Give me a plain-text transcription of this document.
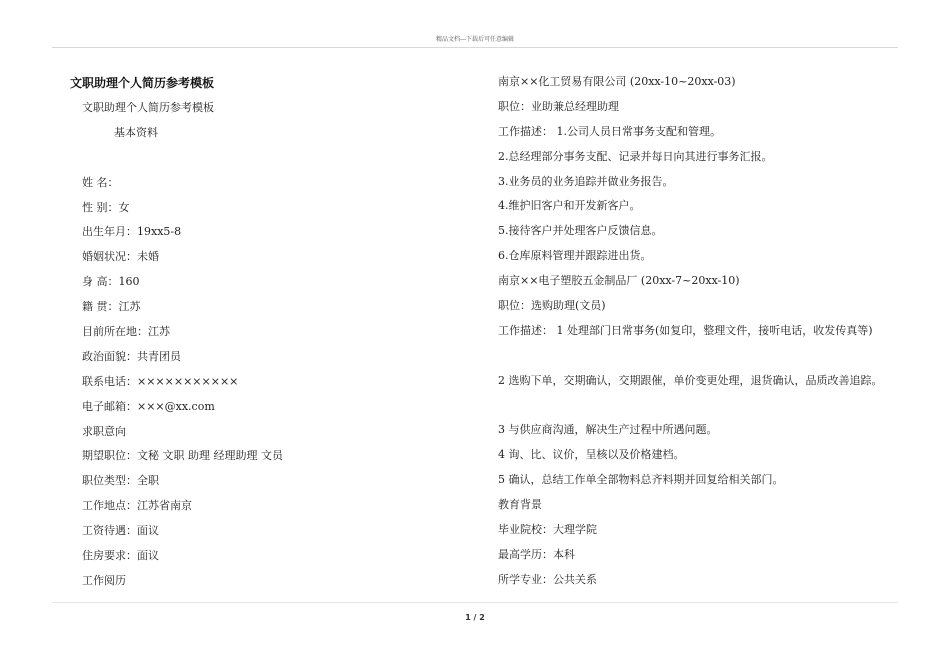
精品文档---下载后可任意编辑
文职助理个人简历参考模板
文职助理个人简历参考模板
基本资料
姓 名：
性 别：女
出生年月：19xx5-8
婚姻状况：未婚
身 高：160
籍 贯：江苏
目前所在地：江苏
政治面貌：共青团员
联系电话：×××××××××××
电子邮箱：×××@xx.com
求职意向
期望职位：文秘 文职 助理 经理助理 文员
职位类型：全职
工作地点：江苏省南京
工资待遇：面议
住房要求：面议
工作阅历
南京××化工贸易有限公司 (20xx-10~20xx-03)
职位：业助兼总经理助理
工作描述： 1.公司人员日常事务支配和管理。
2.总经理部分事务支配、记录并每日向其进行事务汇报。
3.业务员的业务追踪并做业务报告。
4.维护旧客户和开发新客户。
5.接待客户并处理客户反馈信息。
6.仓库原料管理并跟踪进出货。
南京××电子塑胶五金制品厂 (20xx-7~20xx-10)
职位：选购助理(文员)
工作描述： 1 处理部门日常事务(如复印，整理文件，接听电话，收发传真等)
2 选购下单，交期确认，交期跟催，单价变更处理，退货确认，品质改善追踪。
3 与供应商沟通，解决生产过程中所遇问题。
4 询、比、议价，呈核以及价格建档。
5 确认，总结工作单全部物料总齐料期并回复给相关部门。
教育背景
毕业院校：大理学院
最高学历：本科
所学专业：公共关系
1 / 2
